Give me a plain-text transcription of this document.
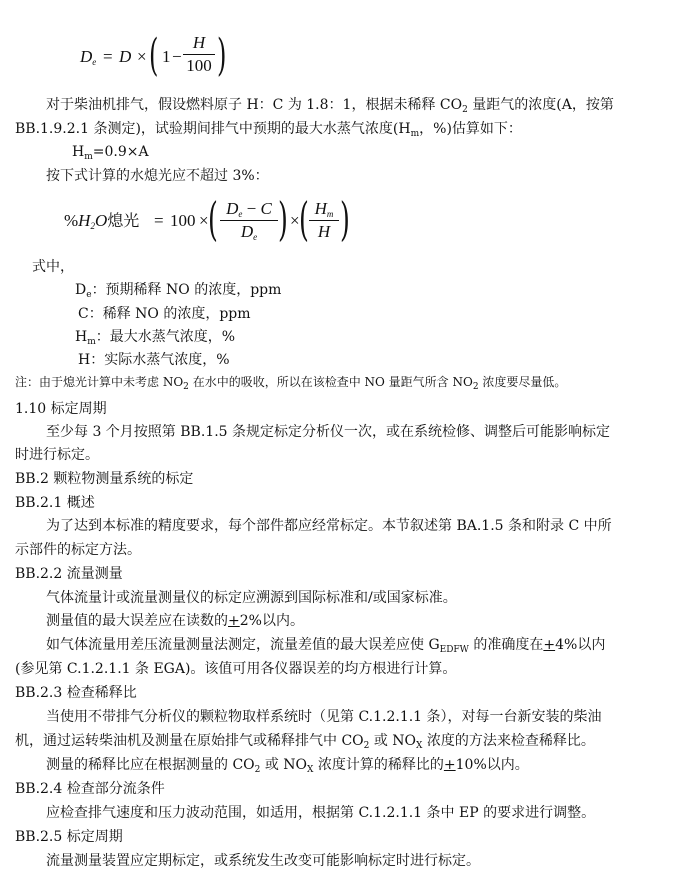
$D_e = D$ × ( 1 −
H
100 )
对于柴油机排气，假设燃料原子 H：C 为 1.8：1，根据未稀释 $CO_2$ 量距气的浓度(A，按第
BB.1.9.2.1 条测定)，试验期间排气中预期的最大水蒸气浓度($H_m$，%)估算如下：
$H_m=0.9\times A$
按下式计算的水熄光应不超过 3%：
$\%H_2O$熄光 = 100 × ( $D_e - C$
$D_e$ ) × ( $H_m$
H )
式中，
$D_e$：预期稀释 NO 的浓度，ppm
C：稀释 NO 的浓度，ppm
$H_m$：最大水蒸气浓度，%
H：实际水蒸气浓度，%
注：由于熄光计算中未考虑 $NO_2$ 在水中的吸收，所以在该检查中 NO 量距气所含 $NO_2$ 浓度要尽量低。
1.10 标定周期
至少每 3 个月按照第 BB.1.5 条规定标定分析仪一次，或在系统检修、调整后可能影响标定
时进行标定。
BB.2 颗粒物测量系统的标定
BB.2.1 概述
为了达到本标准的精度要求，每个部件都应经常标定。本节叙述第 BA.1.5 条和附录 C 中所
示部件的标定方法。
BB.2.2 流量测量
气体流量计或流量测量仪的标定应溯源到国际标准和/或国家标准。
测量值的最大误差应在读数的+2%以内。
如气体流量用差压流量测量法测定，流量差值的最大误差应使 $G_{EDFW}$ 的准确度在+4%以内
(参见第 C.1.2.1.1 条 EGA)。该值可用各仪器误差的均方根进行计算。
BB.2.3 检查稀释比
当使用不带排气分析仪的颗粒物取样系统时（见第 C.1.2.1.1 条），对每一台新安装的柴油
机，通过运转柴油机及测量在原始排气或稀释排气中 $CO_2$ 或 $NO_X$ 浓度的方法来检查稀释比。
测量的稀释比应在根据测量的 $CO_2$ 或 $NO_X$ 浓度计算的稀释比的+10%以内。
BB.2.4 检查部分流条件
应检查排气速度和压力波动范围，如适用，根据第 C.1.2.1.1 条中 EP 的要求进行调整。
BB.2.5 标定周期
流量测量装置应定期标定，或系统发生改变可能影响标定时进行标定。
